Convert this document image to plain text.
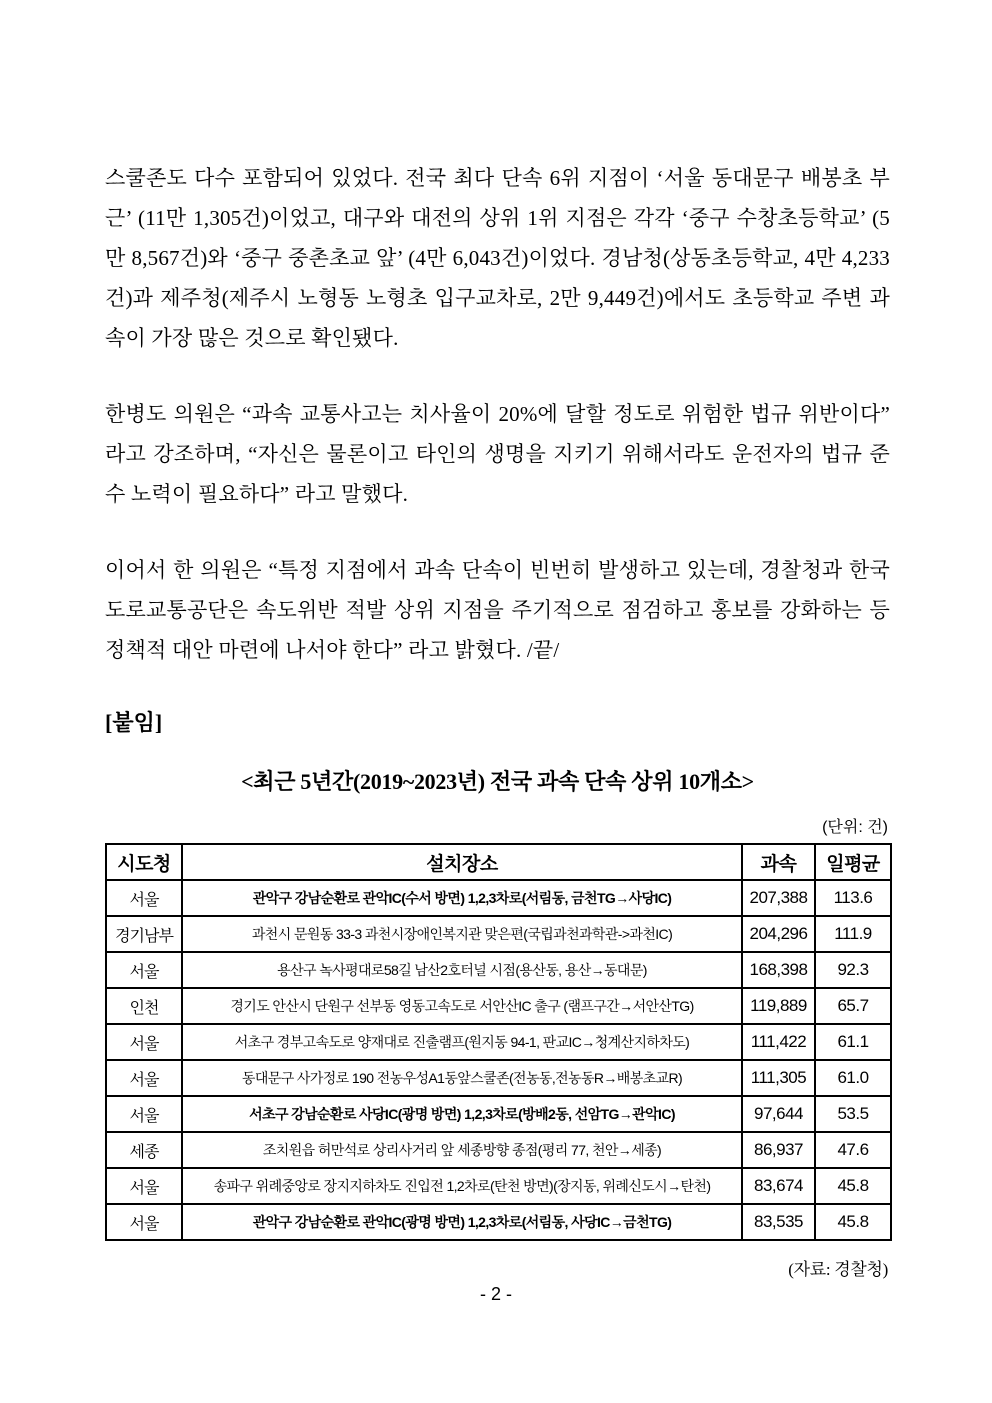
스쿨존도 다수 포함되어 있었다. 전국 최다 단속 6위 지점이 ‘서울 동대문구 배봉초 부근’ (11만 1,305건)이었고, 대구와 대전의 상위 1위 지점은 각각 ‘중구 수창초등학교’ (5만 8,567건)와 ‘중구 중촌초교 앞’ (4만 6,043건)이었다. 경남청(상동초등학교, 4만 4,233건)과 제주청(제주시 노형동 노형초 입구교차로, 2만 9,449건)에서도 초등학교 주변 과속이 가장 많은 것으로 확인됐다.

한병도 의원은 “과속 교통사고는 치사율이 20%에 달할 정도로 위험한 법규 위반이다” 라고 강조하며, “자신은 물론이고 타인의 생명을 지키기 위해서라도 운전자의 법규 준수 노력이 필요하다” 라고 말했다.

이어서 한 의원은 “특정 지점에서 과속 단속이 빈번히 발생하고 있는데, 경찰청과 한국도로교통공단은 속도위반 적발 상위 지점을 주기적으로 점검하고 홍보를 강화하는 등 정책적 대안 마련에 나서야 한다” 라고 밝혔다. /끝/

[붙임]
<최근 5년간(2019~2023년) 전국 과속 단속 상위 10개소>
(단위: 건)
시도청	설치장소	과속	일평균
서울	관악구 강남순환로 관악IC(수서 방면) 1,2,3차로(서림동, 금천TG→사당IC)	207,388	113.6
경기남부	과천시 문원동 33-3 과천시장애인복지관 맞은편(국립과천과학관->과천IC)	204,296	111.9
서울	용산구 녹사평대로58길 남산2호터널 시점(용산동, 용산→동대문)	168,398	92.3
인천	경기도 안산시 단원구 선부동 영동고속도로 서안산IC 출구 (램프구간→서안산TG)	119,889	65.7
서울	서초구 경부고속도로 양재대로 진출램프(원지동 94-1, 판교IC→청계산지하차도)	111,422	61.1
서울	동대문구 사가정로 190 전농우성A1동앞스쿨존(전농동,전농동R→배봉초교R)	111,305	61.0
서울	서초구 강남순환로 사당IC(광명 방면) 1,2,3차로(방배2동, 선암TG→관악IC)	97,644	53.5
세종	조치원읍 허만석로 상리사거리 앞 세종방향 종점(평리 77, 천안→세종)	86,937	47.6
서울	송파구 위례중앙로 장지지하차도 진입전 1,2차로(탄천 방면)(장지동, 위례신도시→탄천)	83,674	45.8
서울	관악구 강남순환로 관악IC(광명 방면) 1,2,3차로(서림동, 사당IC→금천TG)	83,535	45.8
(자료: 경찰청)
- 2 -
